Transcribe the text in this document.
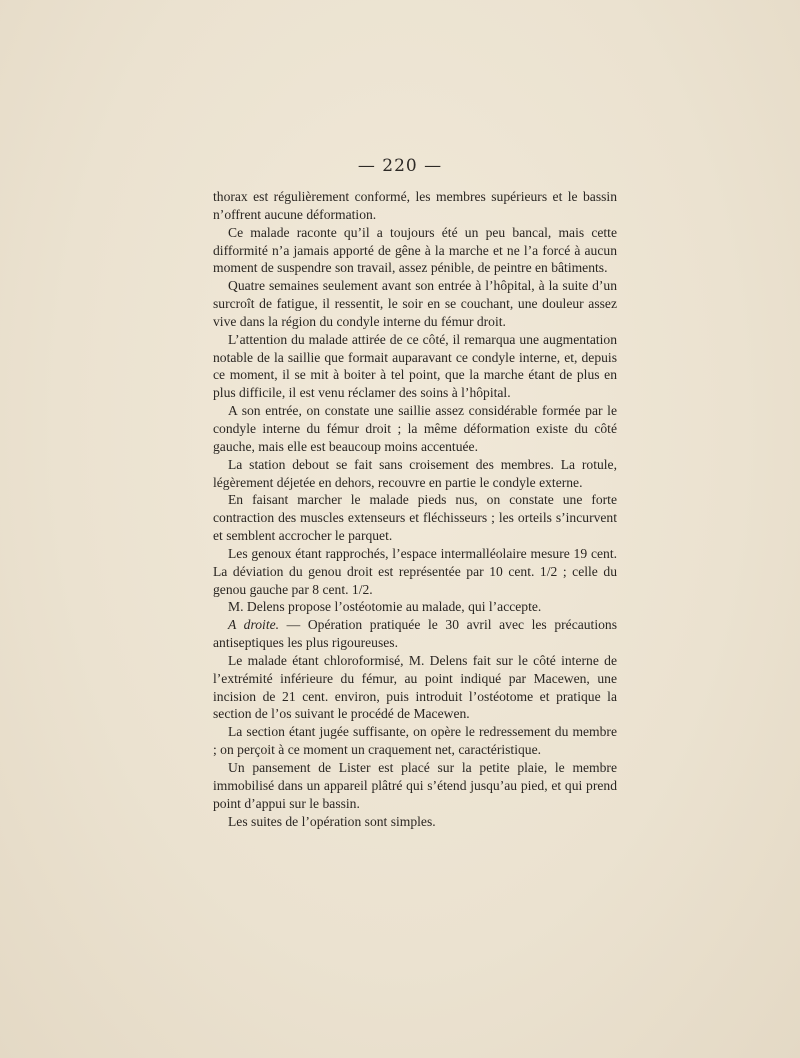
— 220 —

thorax est régulièrement conformé, les membres supérieurs et le bassin n’offrent aucune déformation.

Ce malade raconte qu’il a toujours été un peu bancal, mais cette difformité n’a jamais apporté de gêne à la marche et ne l’a forcé à aucun moment de suspendre son travail, assez pénible, de peintre en bâtiments.

Quatre semaines seulement avant son entrée à l’hôpital, à la suite d’un surcroît de fatigue, il ressentit, le soir en se couchant, une douleur assez vive dans la région du condyle interne du fémur droit.

L’attention du malade attirée de ce côté, il remarqua une augmentation notable de la saillie que formait auparavant ce condyle interne, et, depuis ce moment, il se mit à boiter à tel point, que la marche étant de plus en plus difficile, il est venu réclamer des soins à l’hôpital.

A son entrée, on constate une saillie assez considérable formée par le condyle interne du fémur droit ; la même déformation existe du côté gauche, mais elle est beaucoup moins accentuée.

La station debout se fait sans croisement des membres. La rotule, légèrement déjetée en dehors, recouvre en partie le condyle externe.

En faisant marcher le malade pieds nus, on constate une forte contraction des muscles extenseurs et fléchisseurs ; les orteils s’incurvent et semblent accrocher le parquet.

Les genoux étant rapprochés, l’espace intermalléolaire mesure 19 cent. La déviation du genou droit est représentée par 10 cent. 1/2 ; celle du genou gauche par 8 cent. 1/2.

M. Delens propose l’ostéotomie au malade, qui l’accepte.

A droite. — Opération pratiquée le 30 avril avec les précautions antiseptiques les plus rigoureuses.

Le malade étant chloroformisé, M. Delens fait sur le côté interne de l’extrémité inférieure du fémur, au point indiqué par Macewen, une incision de 21 cent. environ, puis introduit l’ostéotome et pratique la section de l’os suivant le procédé de Macewen.

La section étant jugée suffisante, on opère le redressement du membre ; on perçoit à ce moment un craquement net, caractéristique.

Un pansement de Lister est placé sur la petite plaie, le membre immobilisé dans un appareil plâtré qui s’étend jusqu’au pied, et qui prend point d’appui sur le bassin.

Les suites de l’opération sont simples.
